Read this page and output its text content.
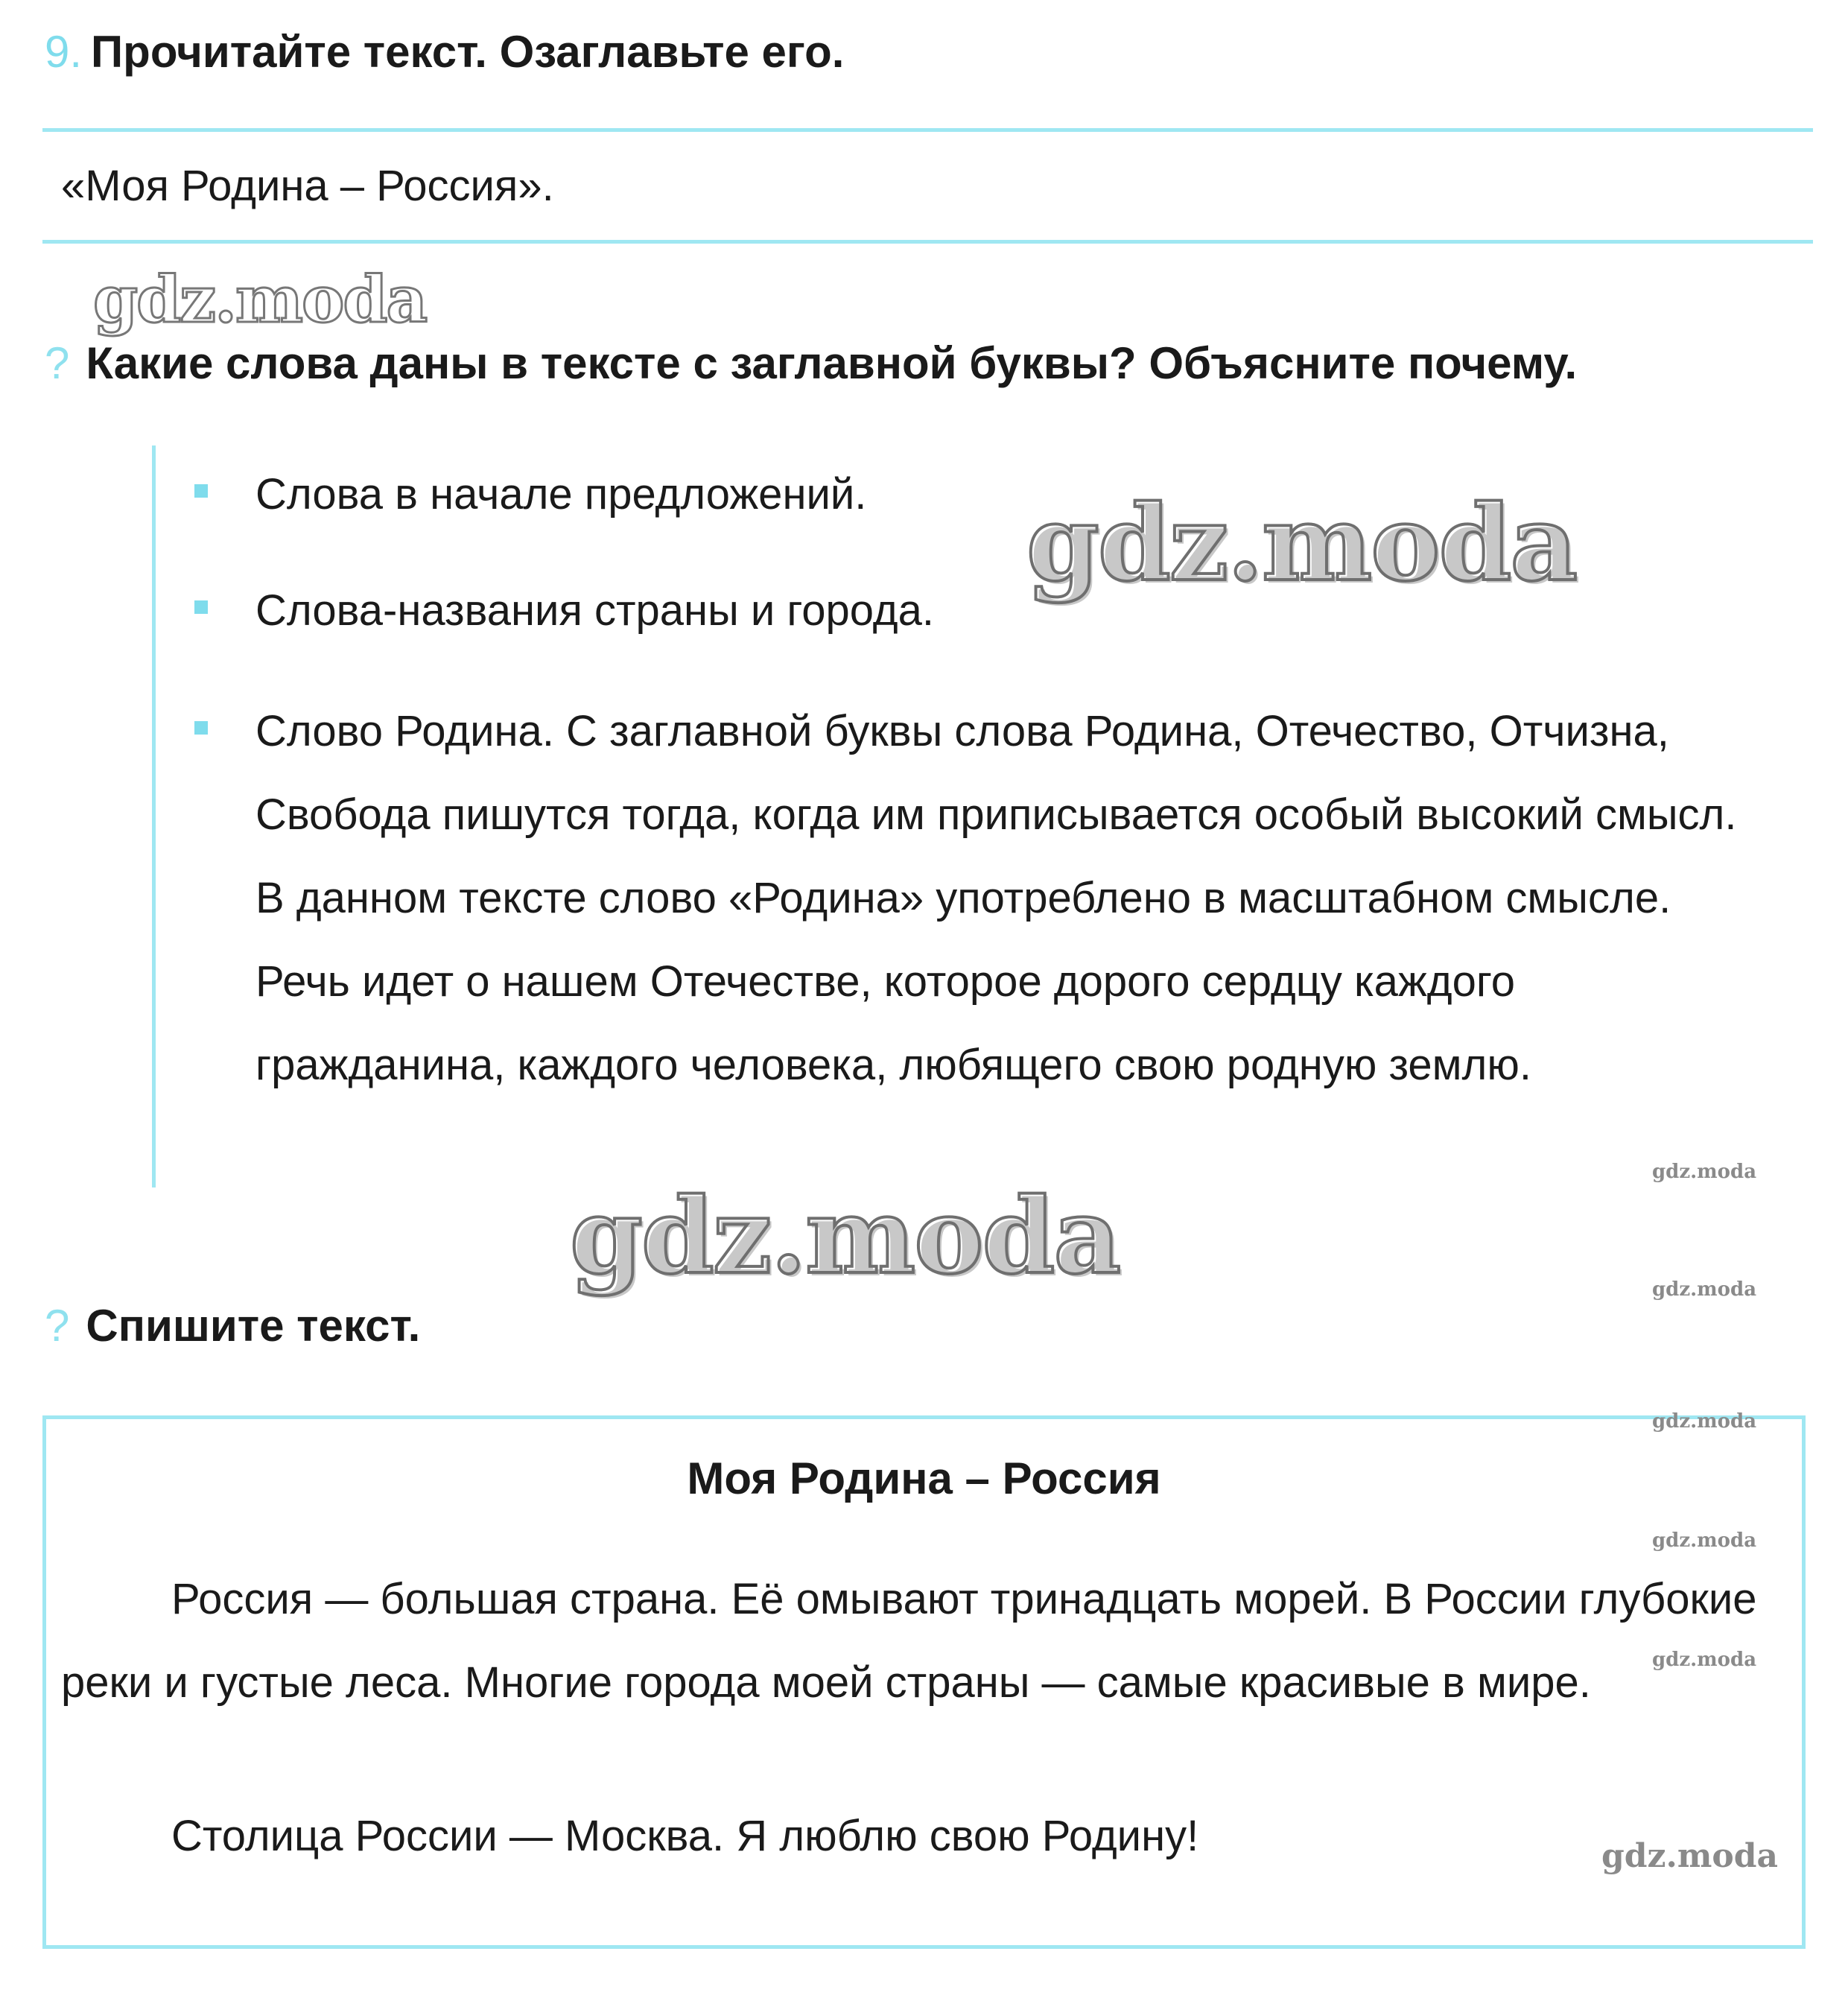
9. Прочитайте текст. Озаглавьте его.
«Моя Родина – Россия».
gdz.moda
? Какие слова даны в тексте с заглавной буквы? Объясните почему.
Слова в начале предложений.
Слова-названия страны и города.
Слово Родина. С заглавной буквы слова Родина, Отечество, Отчизна, Свобода пишутся тогда, когда им приписывается особый высокий смысл. В данном тексте слово «Родина» употреблено в масштабном смысле. Речь идет о нашем Отечестве, которое дорого сердцу каждого гражданина, каждого человека, любящего свою родную землю.
gdz.moda
gdz.moda
? Спишите текст.
Моя Родина – Россия
Россия — большая страна. Её омывают тринадцать морей. В России глубокие реки и густые леса. Многие города моей страны — самые красивые в мире.
Столица России — Москва. Я люблю свою Родину!
gdz.moda
gdz.moda
gdz.moda
gdz.moda
gdz.moda
gdz.moda
